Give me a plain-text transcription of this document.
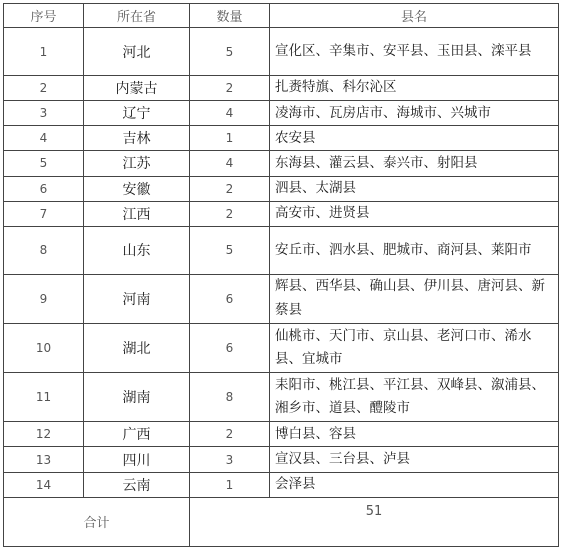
序号	所在省	数量	县名
1	河北	5	宣化区、辛集市、安平县、玉田县、滦平县
2	内蒙古	2	扎赉特旗、科尔沁区
3	辽宁	4	凌海市、瓦房店市、海城市、兴城市
4	吉林	1	农安县
5	江苏	4	东海县、灌云县、泰兴市、射阳县
6	安徽	2	泗县、太湖县
7	江西	2	高安市、进贤县
8	山东	5	安丘市、泗水县、肥城市、商河县、莱阳市
9	河南	6	辉县、西华县、确山县、伊川县、唐河县、新蔡县
10	湖北	6	仙桃市、天门市、京山县、老河口市、浠水县、宜城市
11	湖南	8	耒阳市、桃江县、平江县、双峰县、溆浦县、湘乡市、道县、醴陵市
12	广西	2	博白县、容县
13	四川	3	宣汉县、三台县、泸县
14	云南	1	会泽县
合计		51	
